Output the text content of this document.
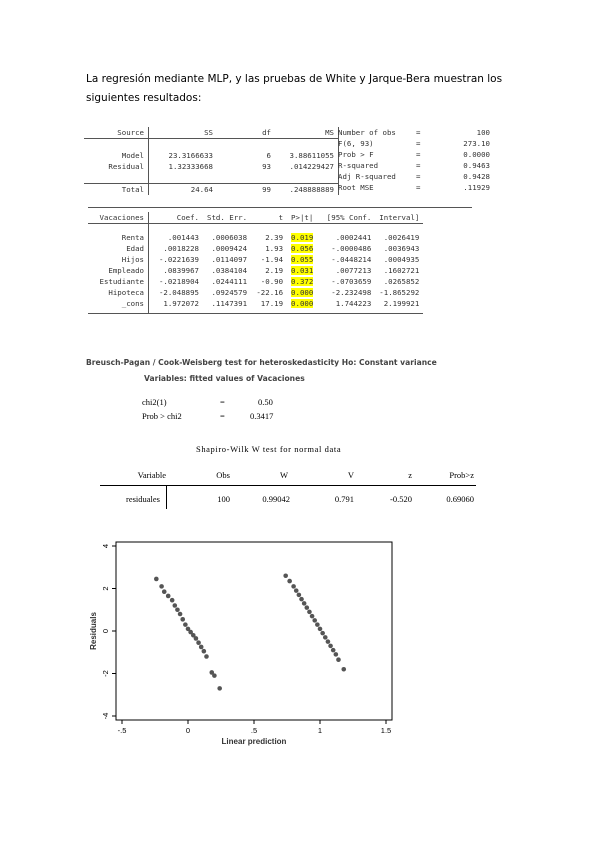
La regresión mediante MLP, y las pruebas de White y Jarque-Bera muestran los siguientes resultados:
Source	SS	df	MS

Model	23.3166633	6	3.88611055
Residual	1.32333668	93	.014229427

Total	24.64	99	.248888889
Number of obs	=	100
F(6, 93)	=	273.10
Prob > F	=	0.0000
R-squared	=	0.9463
Adj R-squared	=	0.9428
Root MSE	=	.11929
Vacaciones	Coef.	Std. Err.	t	P>|t|	[95% Conf.	Interval]

Renta	.001443	.0006038	2.39	0.019	.0002441	.0026419
Edad	.0018228	.0009424	1.93	0.056	-.0000486	.0036943
Hijos	-.0221639	.0114097	-1.94	0.055	-.0448214	.0004935
Empleado	.0839967	.0384104	2.19	0.031	.0077213	.1602721
Estudiante	-.0218904	.0244111	-0.90	0.372	-.0703659	.0265852
Hipoteca	-2.048895	.0924579	-22.16	0.000	-2.232498	-1.865292
_cons	1.972072	.1147391	17.19	0.000	1.744223	2.199921

Breusch-Pagan / Cook-Weisberg test for heteroskedasticity Ho: Constant variance
Variables: fitted values of Vacaciones
chi2(1)	=	0.50
Prob > chi2	=	0.3417
Shapiro-Wilk W test for normal data
Variable	Obs	W	V	z	Prob>z
residuales	100	0.99042	0.791	-0.520	0.69060
-.5	0	.5	1	1.5
-4
-2
0
2
4
Linear prediction
Residuals
